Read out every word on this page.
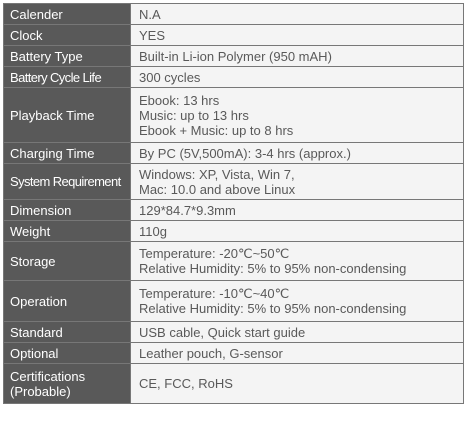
Calender	N.A

Clock	YES

Battery Type	Built-in Li-ion Polymer (950 mAH)

Battery Cycle Life	300 cycles

Playback Time	Ebook: 13 hrs
Music: up to 13 hrs
Ebook + Music: up to 8 hrs

Charging Time	By PC (5V,500mA): 3-4 hrs (approx.)

System Requirement	Windows: XP, Vista, Win 7,
Mac: 10.0 and above Linux

Dimension	129*84.7*9.3mm

Weight	110g

Storage	Temperature: -20℃~50℃
Relative Humidity: 5% to 95% non-condensing

Operation	Temperature: -10℃~40℃
Relative Humidity: 5% to 95% non-condensing

Standard	USB cable, Quick start guide

Optional	Leather pouch, G-sensor

Certifications
(Probable)	CE, FCC, RoHS
